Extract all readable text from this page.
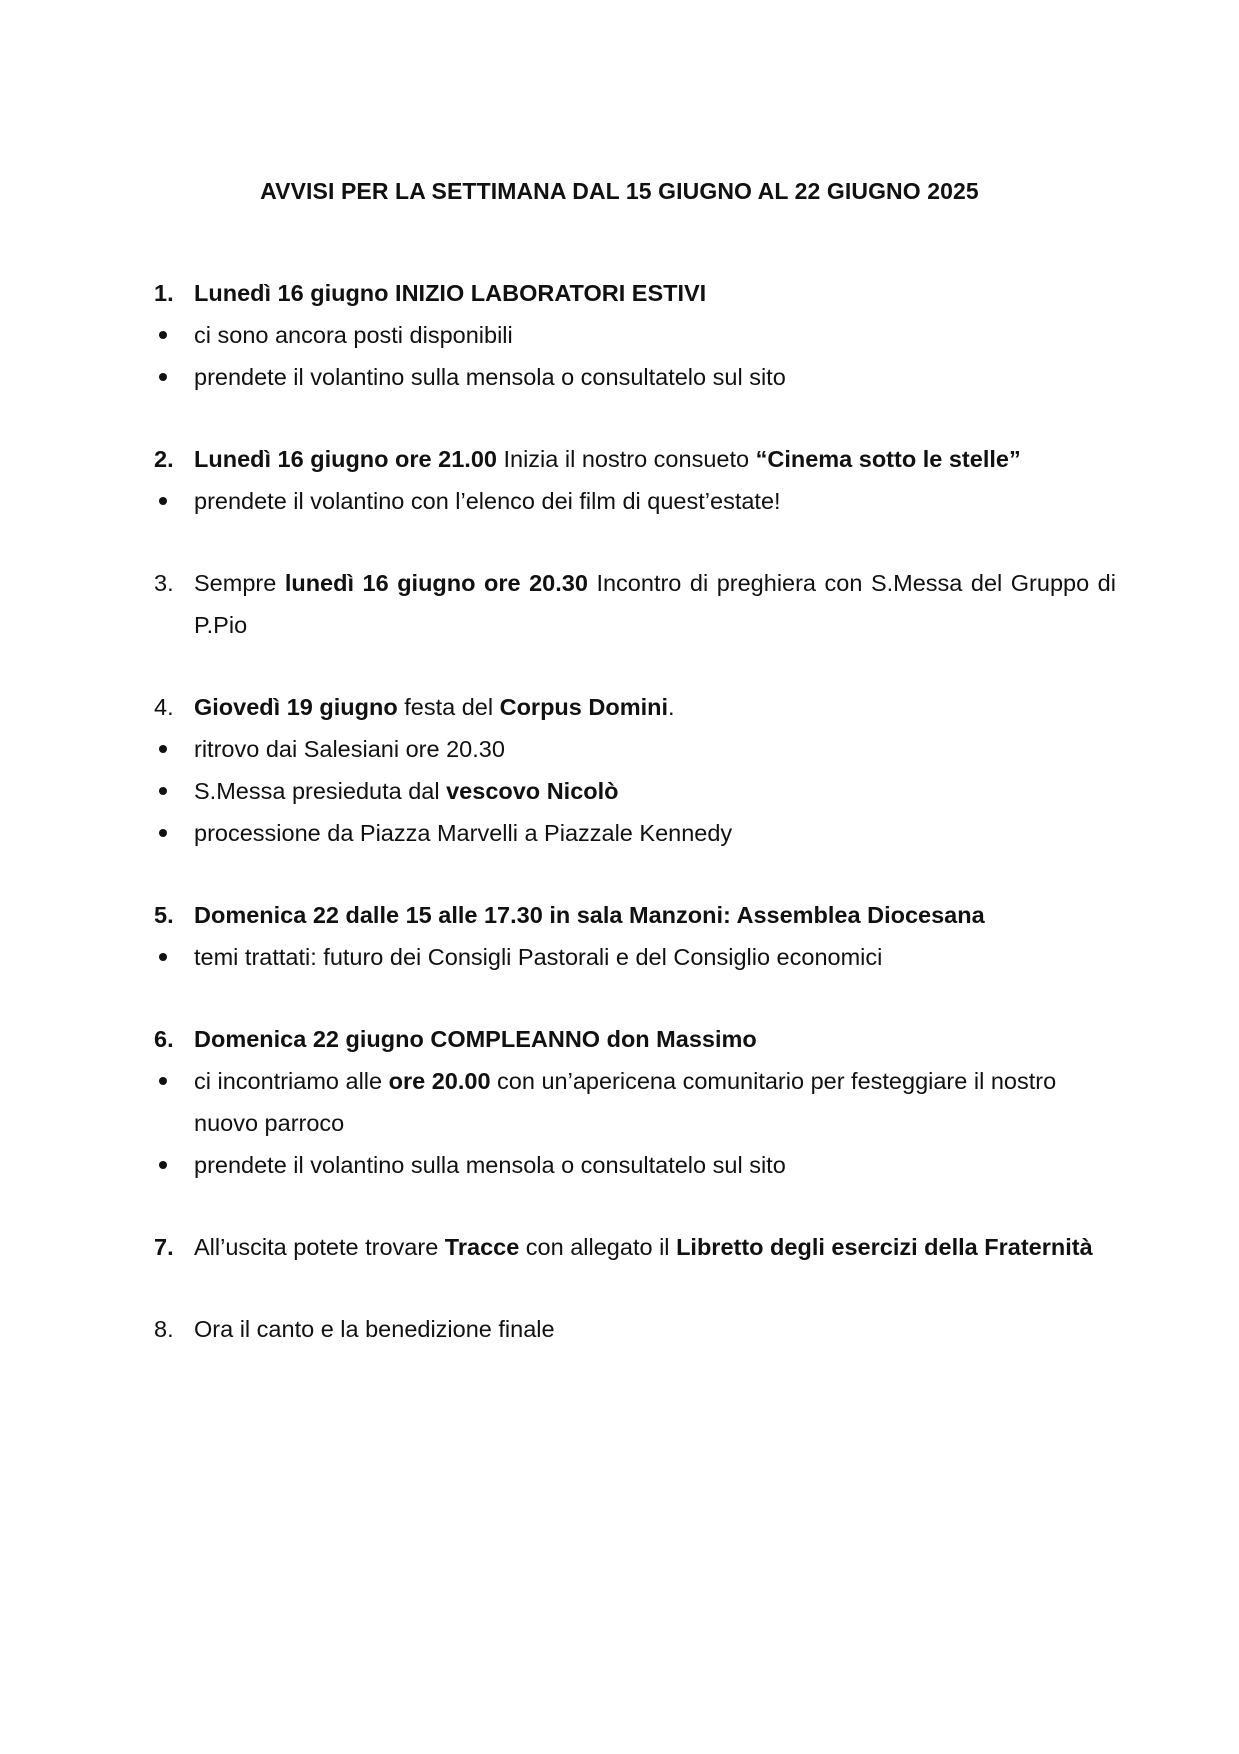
AVVISI PER LA SETTIMANA DAL 15 GIUGNO AL 22 GIUGNO 2025
1. Lunedì 16 giugno INIZIO LABORATORI ESTIVI
ci sono ancora posti disponibili
prendete il volantino sulla mensola o consultatelo sul sito
2. Lunedì 16 giugno ore 21.00 Inizia il nostro consueto “Cinema sotto le stelle”
prendete il volantino con l’elenco dei film di quest’estate!
3. Sempre lunedì 16 giugno ore 20.30 Incontro di preghiera con S.Messa del Gruppo di P.Pio
4. Giovedì 19 giugno festa del Corpus Domini.
ritrovo dai Salesiani ore 20.30
S.Messa presieduta dal vescovo Nicolò
processione da Piazza Marvelli a Piazzale Kennedy
5. Domenica 22 dalle 15 alle 17.30 in sala Manzoni: Assemblea Diocesana
temi trattati: futuro dei Consigli Pastorali e del Consiglio economici
6. Domenica 22 giugno COMPLEANNO don Massimo
ci incontriamo alle ore 20.00 con un’apericena comunitario per festeggiare il nostro nuovo parroco
prendete il volantino sulla mensola o consultatelo sul sito
7. All’uscita potete trovare Tracce con allegato il Libretto degli esercizi della Fraternità
8. Ora il canto e la benedizione finale
